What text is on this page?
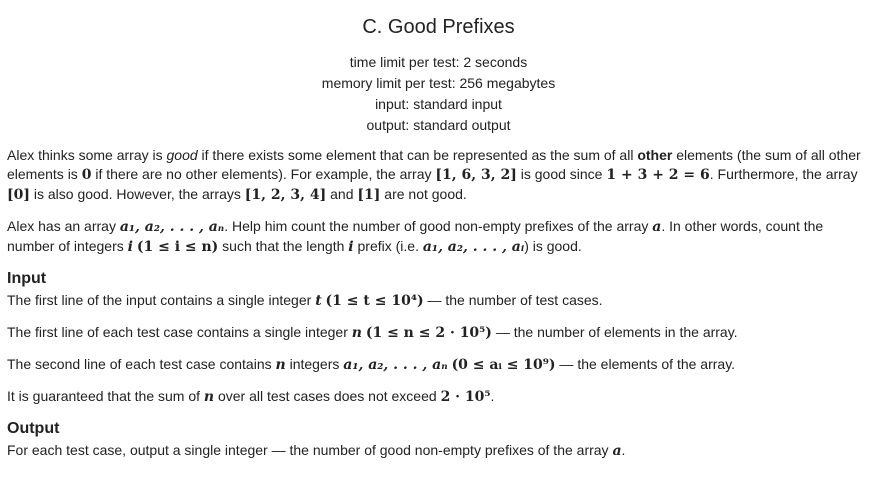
C. Good Prefixes
time limit per test: 2 seconds
memory limit per test: 256 megabytes
input: standard input
output: standard output

Alex thinks some array is good if there exists some element that can be represented as the sum of all other elements (the sum of all other elements is 0 if there are no other elements). For example, the array [1, 6, 3, 2] is good since 1 + 3 + 2 = 6. Furthermore, the array [0] is also good. However, the arrays [1, 2, 3, 4] and [1] are not good.

Alex has an array a₁, a₂, . . . , aₙ. Help him count the number of good non-empty prefixes of the array a. In other words, count the number of integers i (1 ≤ i ≤ n) such that the length i prefix (i.e. a₁, a₂, . . . , aᵢ) is good.

Input

The first line of the input contains a single integer t (1 ≤ t ≤ 10⁴) — the number of test cases.

The first line of each test case contains a single integer n (1 ≤ n ≤ 2 · 10⁵) — the number of elements in the array.

The second line of each test case contains n integers a₁, a₂, . . . , aₙ (0 ≤ aᵢ ≤ 10⁹) — the elements of the array.

It is guaranteed that the sum of n over all test cases does not exceed 2 · 10⁵.

Output

For each test case, output a single integer — the number of good non-empty prefixes of the array a.
